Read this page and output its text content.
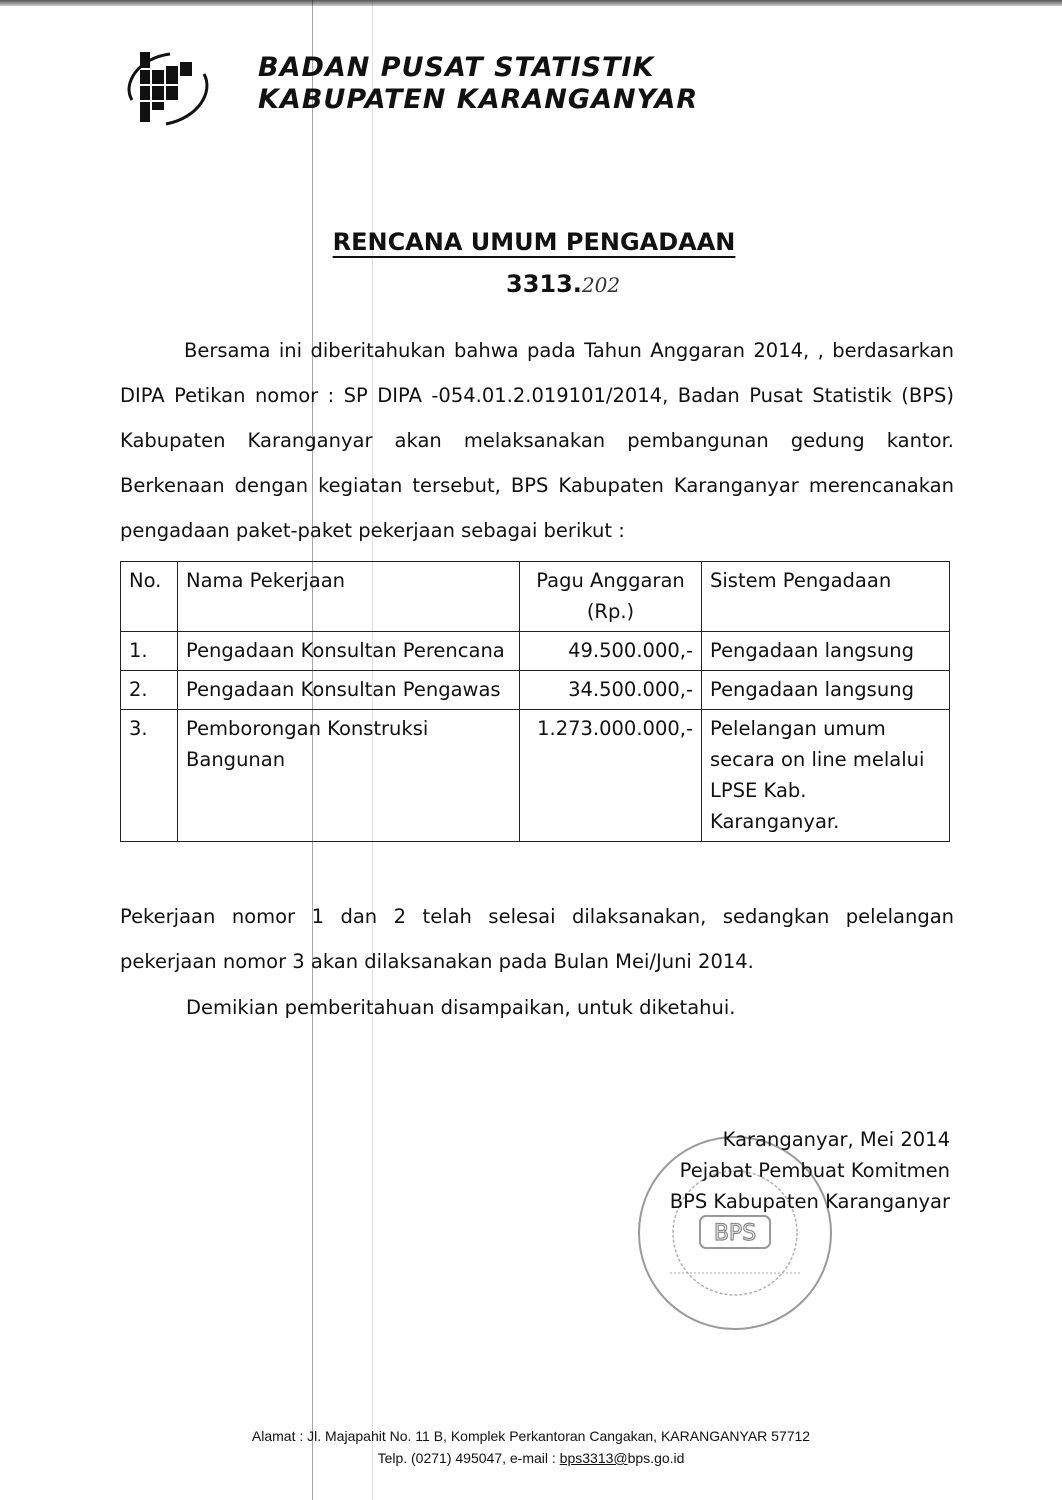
BADAN PUSAT STATISTIK
KABUPATEN KARANGANYAR
RENCANA UMUM PENGADAAN
3313.202
Bersama ini diberitahukan bahwa pada Tahun Anggaran 2014, , berdasarkan DIPA Petikan nomor : SP DIPA -054.01.2.019101/2014, Badan Pusat Statistik (BPS) Kabupaten Karanganyar akan melaksanakan pembangunan gedung kantor. Berkenaan dengan kegiatan tersebut, BPS Kabupaten Karanganyar merencanakan pengadaan paket-paket pekerjaan sebagai berikut :
No.	Nama Pekerjaan	Pagu Anggaran (Rp.)	Sistem Pengadaan
1.	Pengadaan Konsultan Perencana	49.500.000,-	Pengadaan langsung
2.	Pengadaan Konsultan Pengawas	34.500.000,-	Pengadaan langsung
3.	Pemborongan Konstruksi Bangunan	1.273.000.000,-	Pelelangan umum secara on line melalui LPSE Kab. Karanganyar.
Pekerjaan nomor 1 dan 2 telah selesai dilaksanakan, sedangkan pelelangan pekerjaan nomor 3 akan dilaksanakan pada Bulan Mei/Juni 2014.
Demikian pemberitahuan disampaikan, untuk diketahui.
BPS
Karanganyar, Mei 2014
Pejabat Pembuat Komitmen
BPS Kabupaten Karanganyar
Alamat : Jl. Majapahit No. 11 B, Komplek Perkantoran Cangakan, KARANGANYAR 57712
Telp. (0271) 495047, e-mail : bps3313@bps.go.id
